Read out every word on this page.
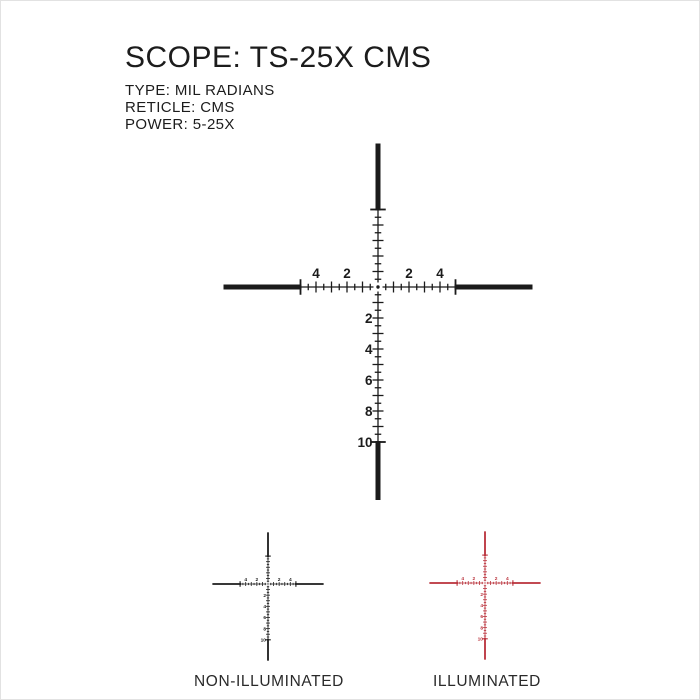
SCOPE: TS-25X CMS
TYPE: MIL RADIANS
RETICLE: CMS
POWER: 5-25X
4 2	2 4
2
4
6
8
10
4 2	2 4
2
4
6
8
10
4 2	2 4
2
4
6
8
10
NON-ILLUMINATED	ILLUMINATED
